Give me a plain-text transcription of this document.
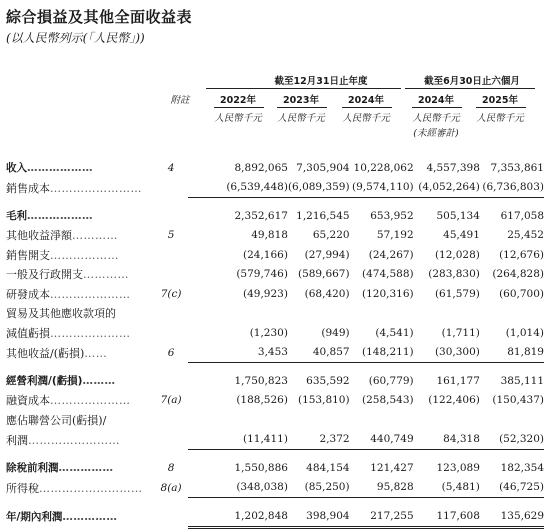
綜合損益及其他全面收益表
(以人民幣列示(「人民幣」))
截至12月31日止年度	截至6月30日止六個月
附註	2022年	2023年	2024年	2024年	2025年
人民幣千元	人民幣千元	人民幣千元	人民幣千元	人民幣千元
(未經審計)
收入………………	4	8,892,065	7,305,904	10,228,062	4,557,398	7,353,861
銷售成本……………………		(6,539,448)	(6,089,359)	(9,574,110)	(4,052,264)	(6,736,803)

毛利………………		2,352,617	1,216,545	653,952	505,134	617,058
其他收益淨額…………	5	49,818	65,220	57,192	45,491	25,452
銷售開支………………		(24,166)	(27,994)	(24,267)	(12,028)	(12,676)
一般及行政開支…………		(579,746)	(589,667)	(474,588)	(283,830)	(264,828)
研發成本…………………	7(c)	(49,923)	(68,420)	(120,316)	(61,579)	(60,700)
貿易及其他應收款項的						
減值虧損…………………		(1,230)	(949)	(4,541)	(1,711)	(1,014)
其他收益/(虧損)……	6	3,453	40,857	(148,211)	(30,300)	81,819

經營利潤/(虧損)………		1,750,823	635,592	(60,779)	161,177	385,111
融資成本…………………	7(a)	(188,526)	(153,810)	(258,543)	(122,406)	(150,437)
應佔聯營公司(虧損)/						
利潤……………………		(11,411)	2,372	440,749	84,318	(52,320)

除稅前利潤……………	8	1,550,886	484,154	121,427	123,089	182,354
所得稅………………………	8(a)	(348,038)	(85,250)	95,828	(5,481)	(46,725)

年/期內利潤……………		1,202,848	398,904	217,255	117,608	135,629
